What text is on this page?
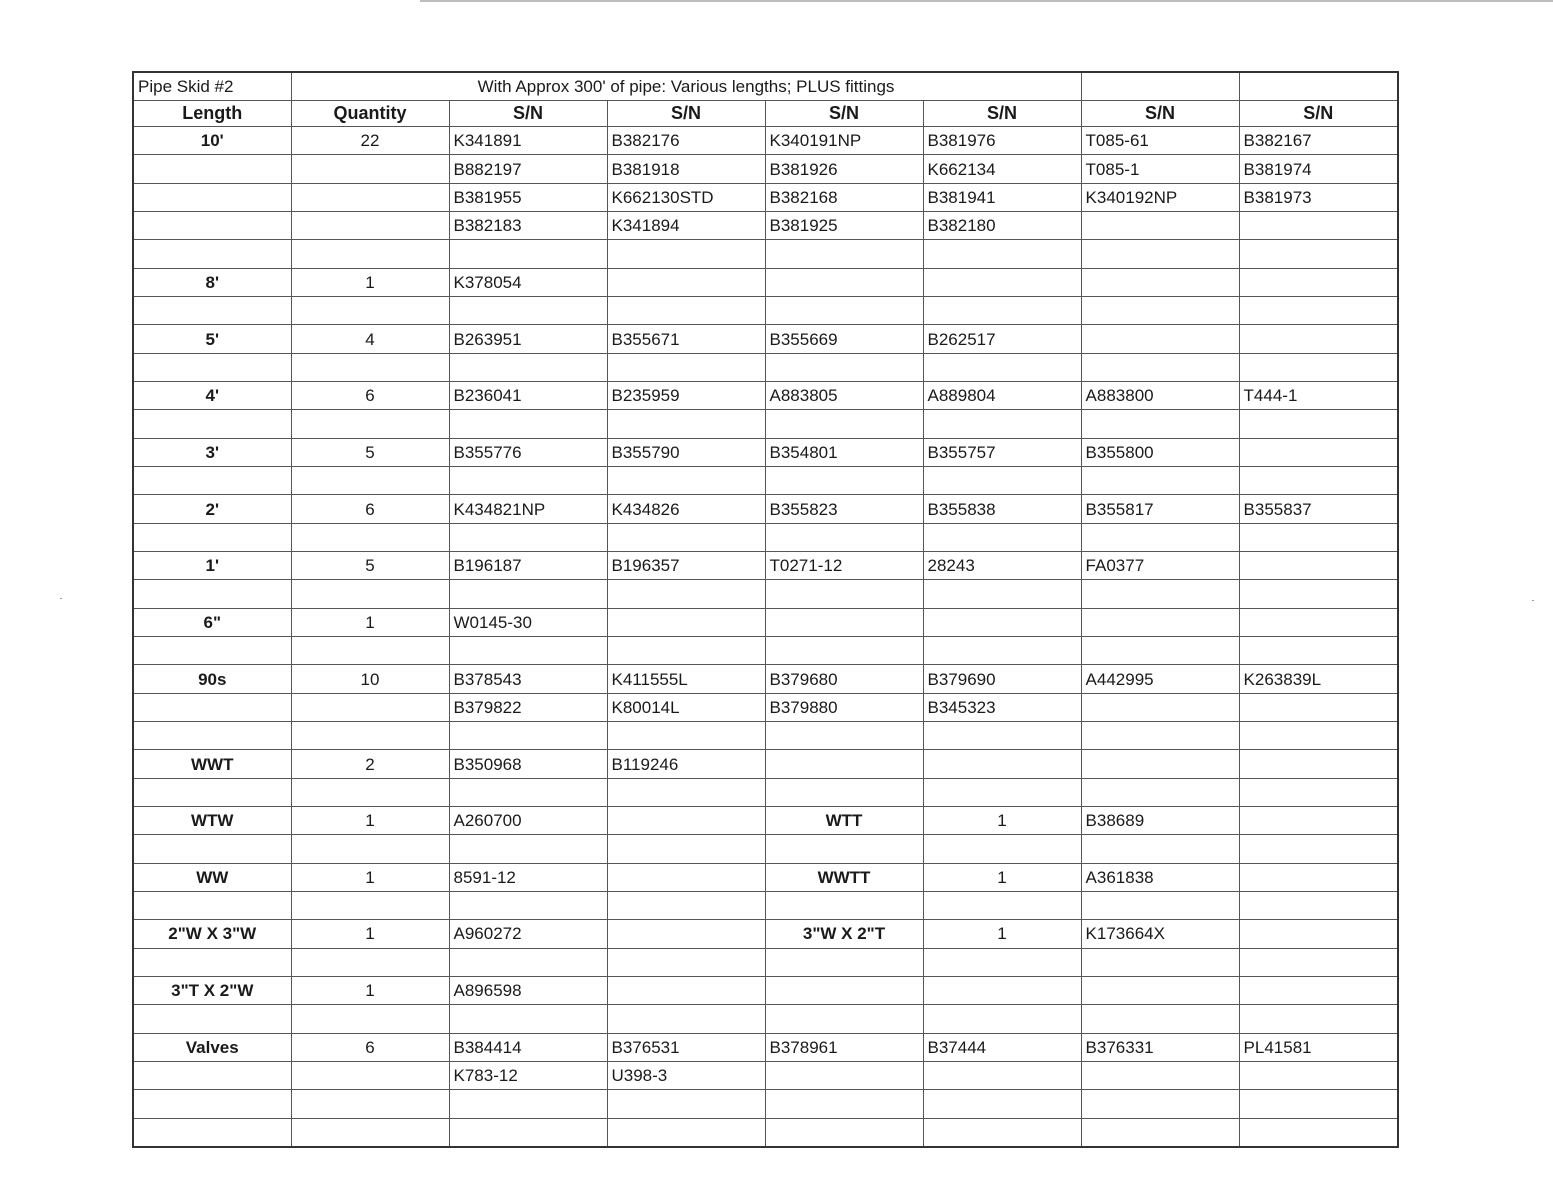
Pipe Skid #2	With Approx 300' of pipe: Various lengths; PLUS fittings						
Length	Quantity	S/N	S/N	S/N	S/N	S/N	S/N
10'	22	K341891	B382176	K340191NP	B381976	T085-61	B382167
		B882197	B381918	B381926	K662134	T085-1	B381974
		B381955	K662130STD	B382168	B381941	K340192NP	B381973
		B382183	K341894	B381925	B382180		

8'	1	K378054					

5'	4	B263951	B355671	B355669	B262517		

4'	6	B236041	B235959	A883805	A889804	A883800	T444-1

3'	5	B355776	B355790	B354801	B355757	B355800	

2'	6	K434821NP	K434826	B355823	B355838	B355817	B355837

1'	5	B196187	B196357	T0271-12	28243	FA0377	

6"	1	W0145-30					

90s	10	B378543	K411555L	B379680	B379690	A442995	K263839L
		B379822	K80014L	B379880	B345323		

WWT	2	B350968	B119246				

WTW	1	A260700		WTT	1	B38689	

WW	1	8591-12		WWTT	1	A361838	

2"W X 3"W	1	A960272		3"W X 2"T	1	K173664X	

3"T X 2"W	1	A896598					

Valves	6	B384414	B376531	B378961	B37444	B376331	PL41581
		K783-12	U398-3				
